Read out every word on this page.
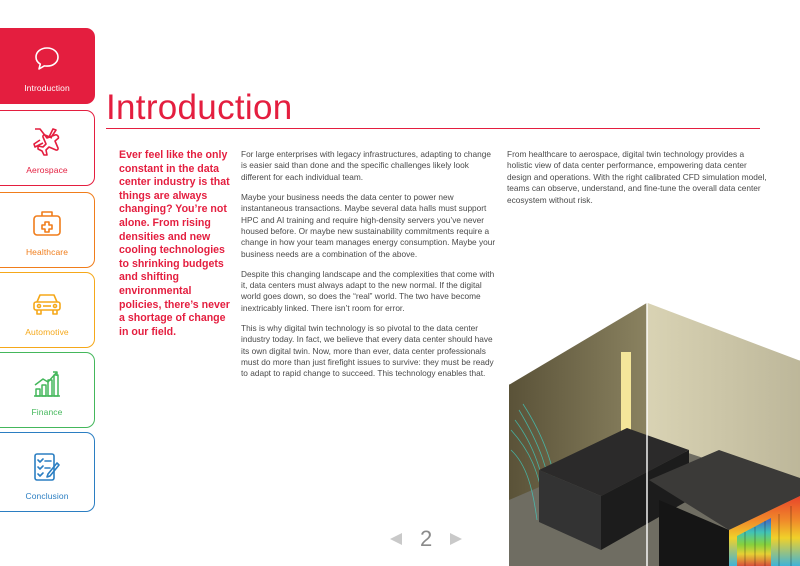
Introduction
Aerospace
Healthcare
Automotive
Finance
Conclusion
Introduction
Ever feel like the only constant in the data center industry is that things are always changing? You’re not alone. From rising densities and new cooling technologies to shrinking budgets and shifting environmental policies, there’s never a shortage of change in our field.

For large enterprises with legacy infrastructures, adapting to change is easier said than done and the specific challenges likely look different for each individual team.

Maybe your business needs the data center to power new instantaneous transactions. Maybe several data halls must support HPC and AI training and require high-density servers you’ve never housed before. Or maybe new sustainability commitments require a change in how your team manages energy consumption. Maybe your business needs are a combination of the above.

Despite this changing landscape and the complexities that come with it, data centers must always adapt to the new normal. If the digital world goes down, so does the “real” world. The two have become inextricably linked. There isn’t room for error.

This is why digital twin technology is so pivotal to the data center industry today. In fact, we believe that every data center should have its own digital twin. Now, more than ever, data center professionals must do more than just firefight issues to survive: they must be ready to adapt to rapid change to succeed. This technology enables that.

From healthcare to aerospace, digital twin technology provides a holistic view of data center performance, empowering data center design and operations. With the right calibrated CFD simulation model, teams can observe, understand, and fine-tune the overall data center ecosystem without risk.

2
